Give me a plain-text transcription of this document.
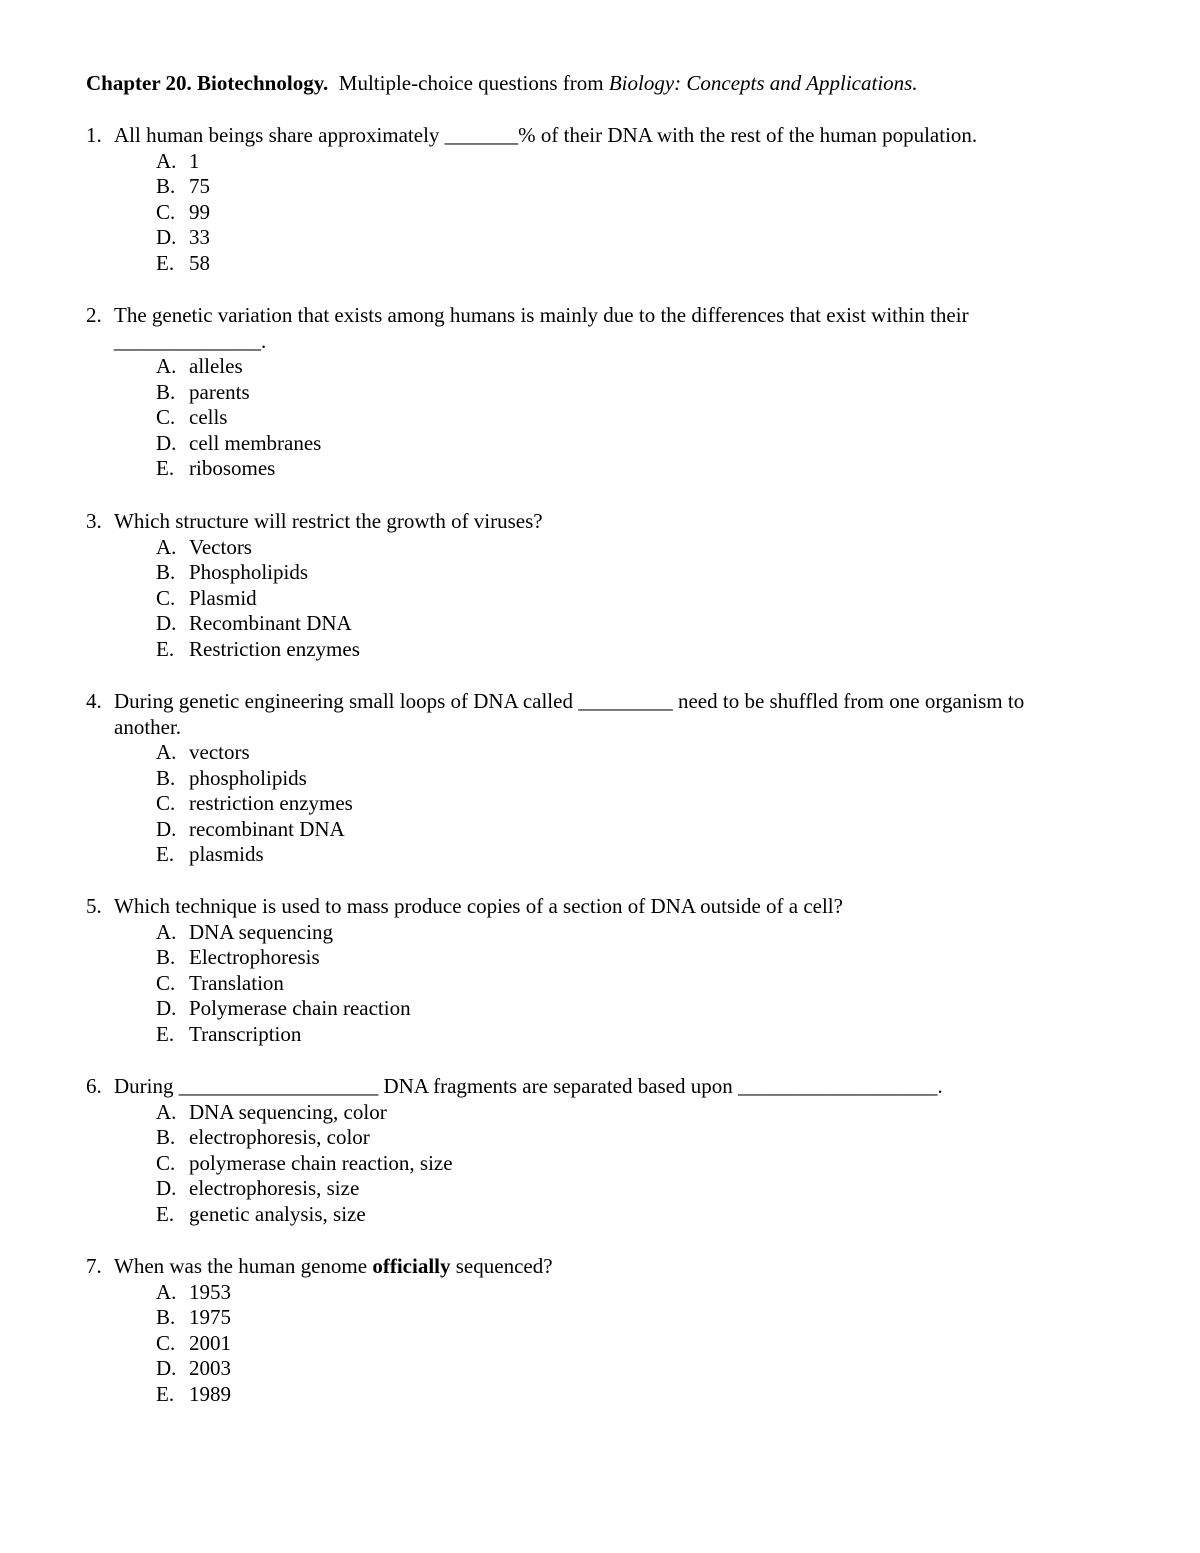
Chapter 20. Biotechnology. Multiple-choice questions from Biology: Concepts and Applications.
1. All human beings share approximately _______% of their DNA with the rest of the human population.
A. 1
B. 75
C. 99
D. 33
E. 58
2. The genetic variation that exists among humans is mainly due to the differences that exist within their ______________.
A. alleles
B. parents
C. cells
D. cell membranes
E. ribosomes
3. Which structure will restrict the growth of viruses?
A. Vectors
B. Phospholipids
C. Plasmid
D. Recombinant DNA
E. Restriction enzymes
4. During genetic engineering small loops of DNA called _________ need to be shuffled from one organism to another.
A. vectors
B. phospholipids
C. restriction enzymes
D. recombinant DNA
E. plasmids
5. Which technique is used to mass produce copies of a section of DNA outside of a cell?
A. DNA sequencing
B. Electrophoresis
C. Translation
D. Polymerase chain reaction
E. Transcription
6. During ___________________ DNA fragments are separated based upon ___________________.
A. DNA sequencing, color
B. electrophoresis, color
C. polymerase chain reaction, size
D. electrophoresis, size
E. genetic analysis, size
7. When was the human genome officially sequenced?
A. 1953
B. 1975
C. 2001
D. 2003
E. 1989
